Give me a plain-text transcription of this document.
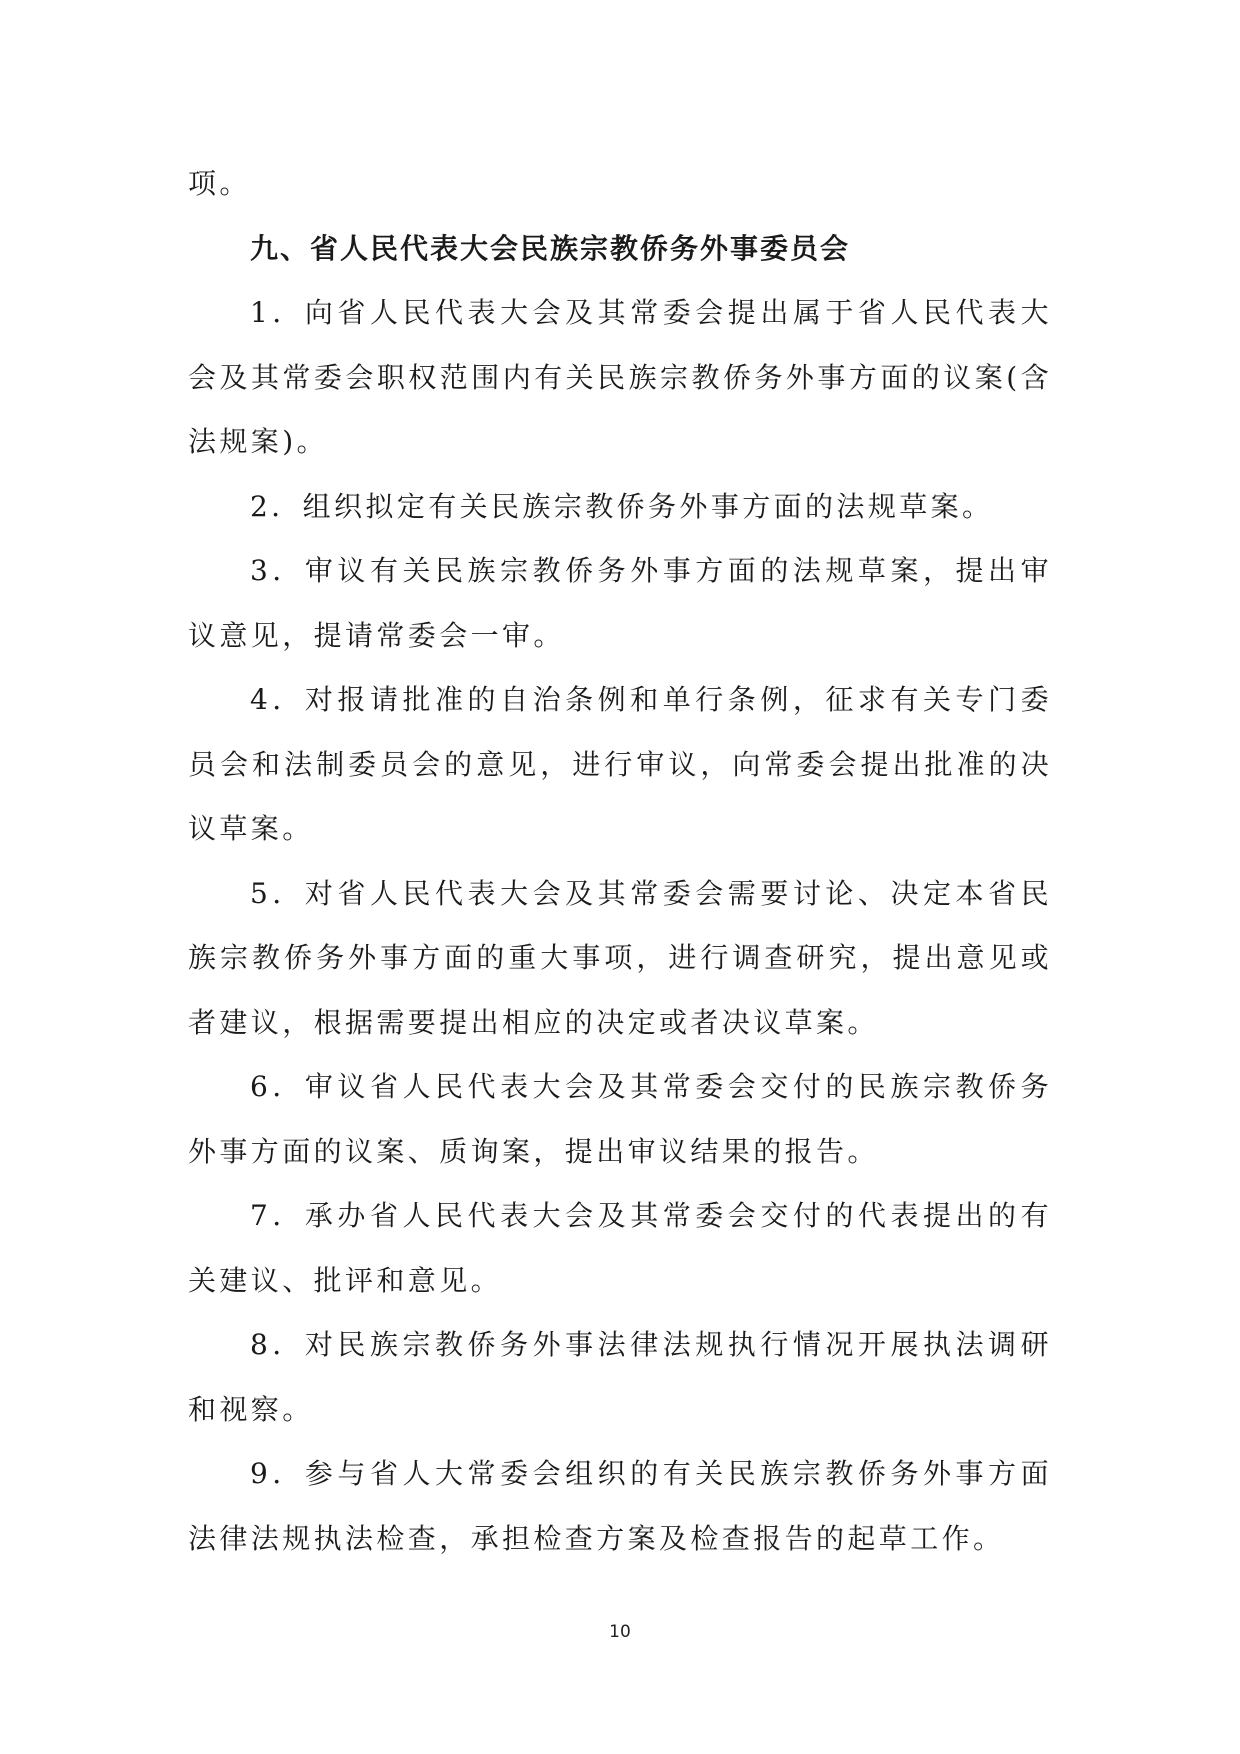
项。

九、省人民代表大会民族宗教侨务外事委员会

1．向省人民代表大会及其常委会提出属于省人民代表大会及其常委会职权范围内有关民族宗教侨务外事方面的议案(含法规案)。

2．组织拟定有关民族宗教侨务外事方面的法规草案。

3．审议有关民族宗教侨务外事方面的法规草案，提出审议意见，提请常委会一审。

4．对报请批准的自治条例和单行条例，征求有关专门委员会和法制委员会的意见，进行审议，向常委会提出批准的决议草案。

5．对省人民代表大会及其常委会需要讨论、决定本省民族宗教侨务外事方面的重大事项，进行调查研究，提出意见或者建议，根据需要提出相应的决定或者决议草案。

6．审议省人民代表大会及其常委会交付的民族宗教侨务外事方面的议案、质询案，提出审议结果的报告。

7．承办省人民代表大会及其常委会交付的代表提出的有关建议、批评和意见。

8．对民族宗教侨务外事法律法规执行情况开展执法调研和视察。

9．参与省人大常委会组织的有关民族宗教侨务外事方面法律法规执法检查，承担检查方案及检查报告的起草工作。

10
